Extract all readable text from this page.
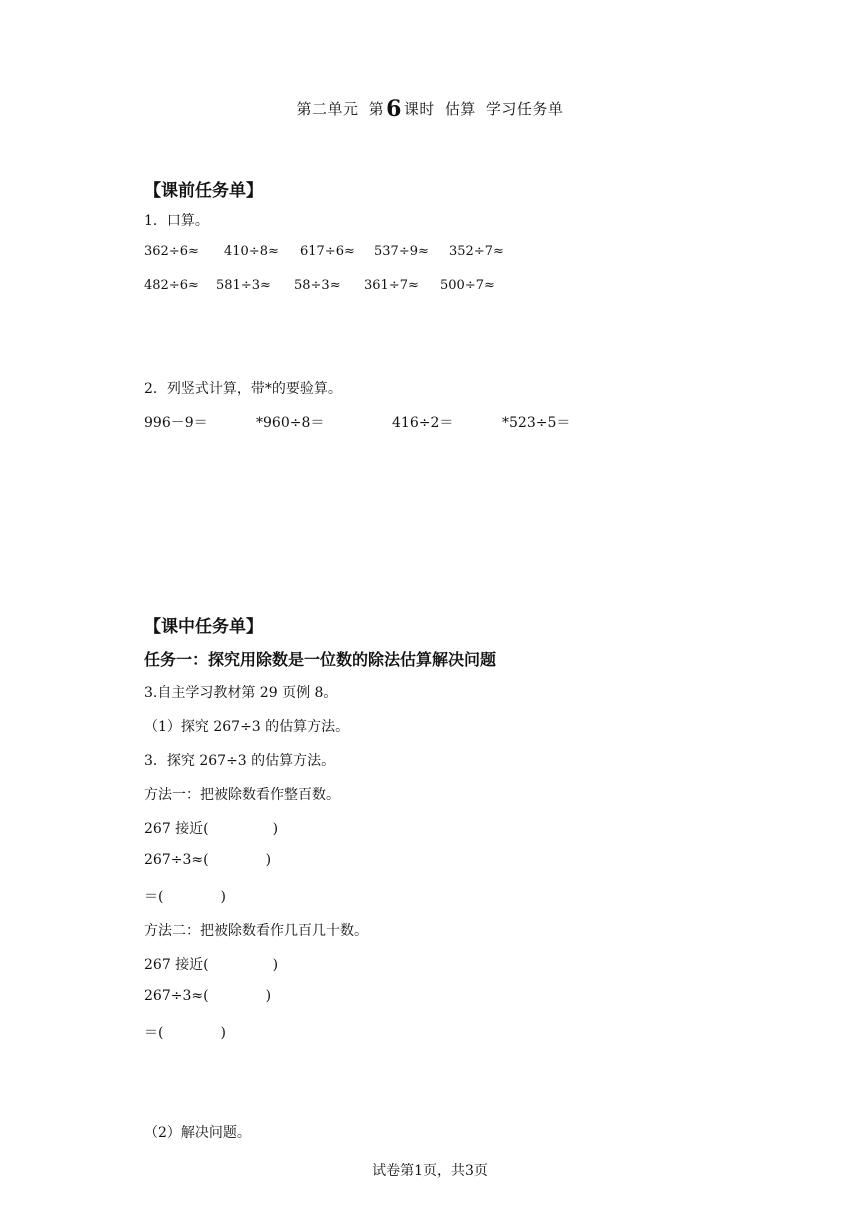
第二单元 第6 课时 估算 学习任务单
【课前任务单】
1．口算。
362÷6≈	410÷8≈	617÷6≈	537÷9≈	352÷7≈
482÷6≈	581÷3≈	58÷3≈	361÷7≈	500÷7≈
2．列竖式计算，带*的要验算。
996－9＝	*960÷8＝	416÷2＝	*523÷5＝
【课中任务单】
任务一：探究用除数是一位数的除法估算解决问题
3.自主学习教材第 29 页例 8。
（1）探究 267÷3 的估算方法。
3．探究 267÷3 的估算方法。
方法一：把被除数看作整百数。
267 接近(	)
267÷3≈(	)
＝(	)
方法二：把被除数看作几百几十数。
267 接近(	)
267÷3≈(	)
＝(	)
（2）解决问题。
试卷第1页，共3页
